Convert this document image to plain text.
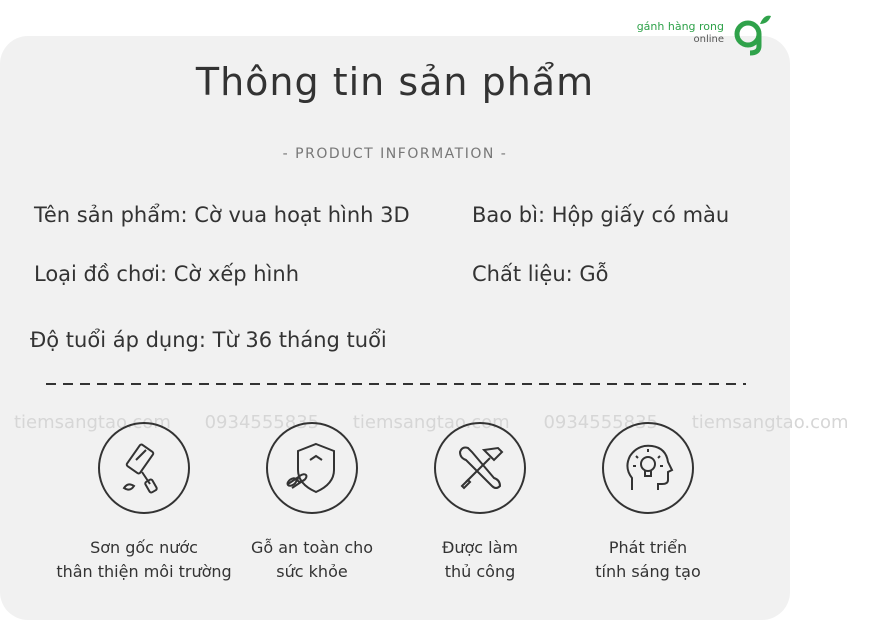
gánh hàng rong
online
Thông tin sản phẩm
- PRODUCT INFORMATION -
Tên sản phẩm: Cờ vua hoạt hình 3D	Bao bì: Hộp giấy có màu
Loại đồ chơi: Cờ xếp hình	Chất liệu: Gỗ
Độ tuổi áp dụng: Từ 36 tháng tuổi
tiemsangtao.com 0934555835 tiemsangtao.com 0934555835 tiemsangtao.com
Sơn gốc nước
thân thiện môi trường
Gỗ an toàn cho
sức khỏe
Được làm
thủ công
Phát triển
tính sáng tạo
